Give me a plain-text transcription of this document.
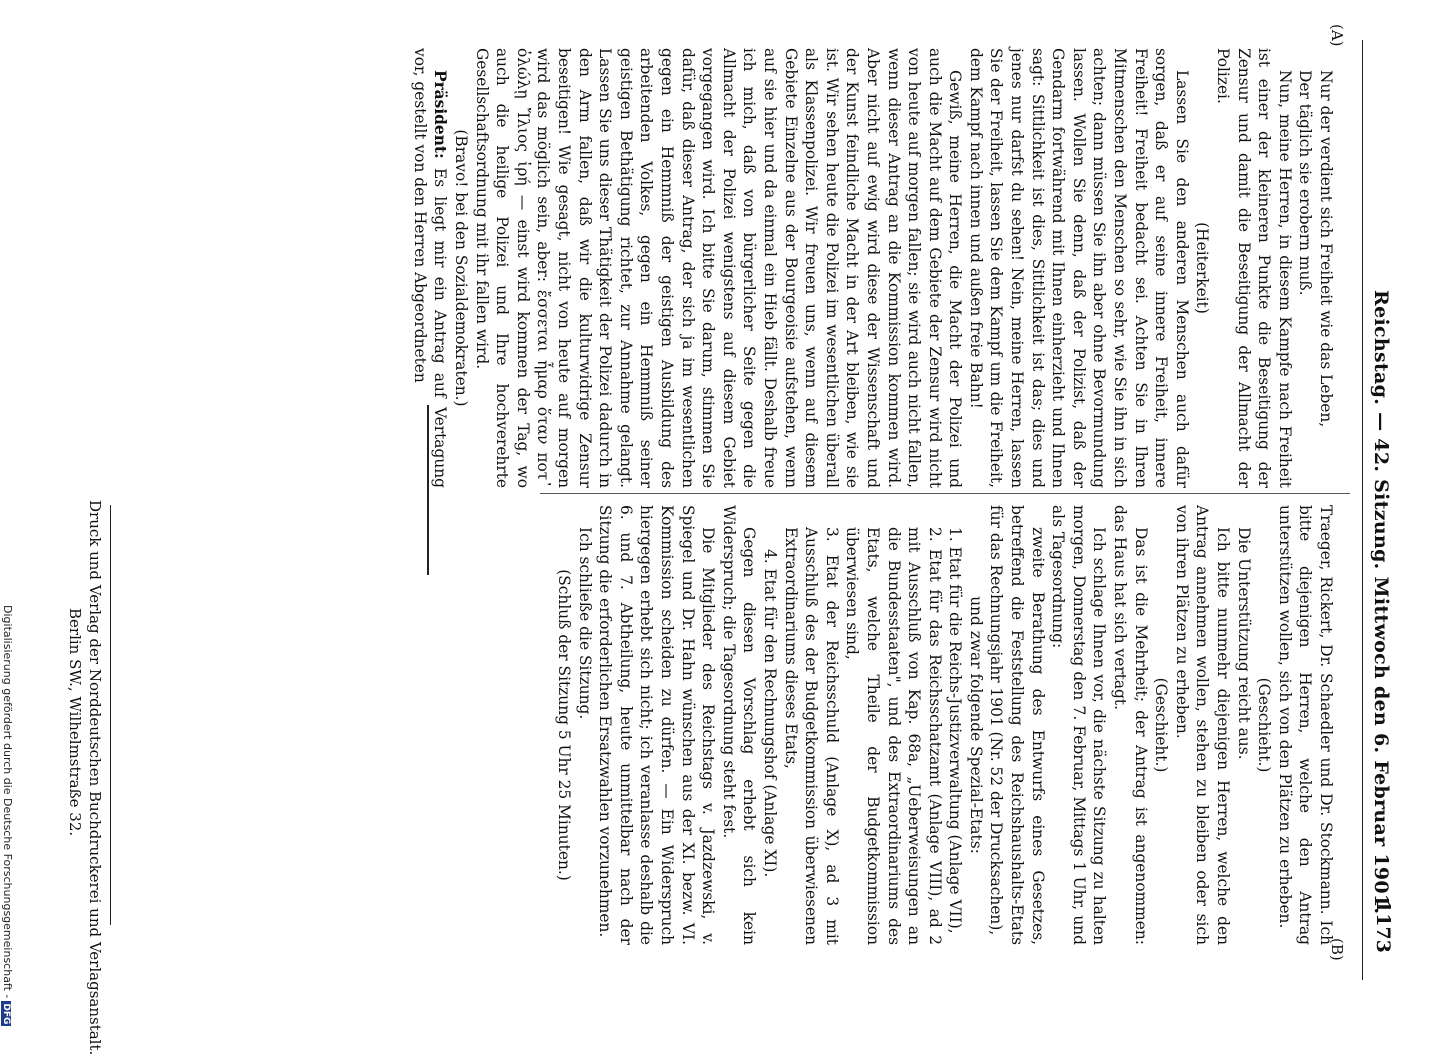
Reichstag. — 42. Sitzung. Mittwoch den 6. Februar 1901.
1173
(A)
(B)

Nur der verdient sich Freiheit wie das Leben,

Der täglich sie erobern muß.

Nun, meine Herren, in diesem Kampfe nach Freiheit ist einer der kleineren Punkte die Beseitigung der Zensur und damit die Beseitigung der Allmacht der Polizei.

(Heiterkeit)

Lassen Sie den anderen Menschen auch dafür sorgen, daß er auf seine innere Freiheit, innere Freiheit! Freiheit bedacht sei. Achten Sie in Ihren Mitmenschen den Menschen so sehr, wie Sie ihn in sich achten; dann müssen Sie ihn aber ohne Bevormundung lassen. Wollen Sie denn, daß der Polizist, daß der Gendarm fortwährend mit Ihnen einherzieht und Ihnen sagt: Sittlichkeit ist dies, Sittlichkeit ist das; dies und jenes nur darfst du sehen! Nein, meine Herren, lassen Sie der Freiheit, lassen Sie dem Kampf um die Freiheit, dem Kampf nach innen und außen freie Bahn!

Gewiß, meine Herren, die Macht der Polizei und auch die Macht auf dem Gebiete der Zensur wird nicht von heute auf morgen fallen; sie wird auch nicht fallen, wenn dieser Antrag an die Kommission kommen wird. Aber nicht auf ewig wird diese der Wissenschaft und der Kunst feindliche Macht in der Art bleiben, wie sie ist. Wir sehen heute die Polizei im wesentlichen überall als Klassenpolizei. Wir freuen uns, wenn auf diesem Gebiete Einzelne aus der Bourgeoisie aufstehen, wenn auf sie hier und da einmal ein Hieb fällt. Deshalb freue ich mich, daß von bürgerlicher Seite gegen die Allmacht der Polizei wenigstens auf diesem Gebiet vorgegangen wird. Ich bitte Sie darum, stimmen Sie dafür, daß dieser Antrag, der sich ja im wesentlichen gegen ein Hemmniß der geistigen Ausbildung des arbeitenden Volkes, gegen ein Hemmniß seiner geistigen Bethätigung richtet, zur Annahme gelangt. Lassen Sie uns dieser Thätigkeit der Polizei dadurch in den Arm fallen, daß wir die kulturwidrige Zensur beseitigen! Wie gesagt, nicht von heute auf morgen wird das möglich sein, aber: ἔσσεται ἦμαρ ὅταν ποτ᾽ ὀλώλῃ Ἴλιος ἱρή — einst wird kommen der Tag, wo auch die heilige Polizei und Ihre hochverehrte Gesellschaftsordnung mit ihr fallen wird.

(Bravo! bei den Sozialdemokraten.)

Präsident: Es liegt mir ein Antrag auf Vertagung vor, gestellt von den Herren Abgeordneten

Traeger, Rickert, Dr. Schaedler und Dr. Stockmann. Ich bitte diejenigen Herren, welche den Antrag unterstützen wollen, sich von den Plätzen zu erheben.

(Geschieht.)

Die Unterstützung reicht aus.

Ich bitte nunmehr diejenigen Herren, welche den Antrag annehmen wollen, stehen zu bleiben oder sich von ihren Plätzen zu erheben.

(Geschieht.)

Das ist die Mehrheit; der Antrag ist angenommen: das Haus hat sich vertagt.

Ich schlage Ihnen vor, die nächste Sitzung zu halten morgen, Donnerstag den 7. Februar, Mittags 1 Uhr, und als Tagesordnung:

zweite Berathung des Entwurfs eines Gesetzes, betreffend die Feststellung des Reichshaushalts-Etats für das Rechnungsjahr 1901 (Nr. 52 der Drucksachen),

und zwar folgende Spezial-Etats:

1. Etat für die Reichs-Justizverwaltung (Anlage VII),

2. Etat für das Reichsschatzamt (Anlage VIII), ad 2 mit Ausschluß von Kap. 68a, „Ueberweisungen an die Bundesstaaten", und des Extraordinariums des Etats, welche Theile der Budgetkommission überwiesen sind,

3. Etat der Reichsschuld (Anlage X), ad 3 mit Ausschluß des der Budgetkommission überwiesenen Extraordinariums dieses Etats,

4. Etat für den Rechnungshof (Anlage XI).

Gegen diesen Vorschlag erhebt sich kein Widerspruch; die Tagesordnung steht fest.

Die Mitglieder des Reichstags v. Jazdzewski, v. Spiegel und Dr. Hahn wünschen aus der XI. bezw. VI. Kommission scheiden zu dürfen. — Ein Widerspruch hiergegen erhebt sich nicht; ich veranlasse deshalb die 6. und 7. Abtheilung, heute unmittelbar nach der Sitzung die erforderlichen Ersatzwahlen vorzunehmen.

Ich schließe die Sitzung.

(Schluß der Sitzung 5 Uhr 25 Minuten.)

Druck und Verlag der Norddeutschen Buchdruckerei und Verlagsanstalt.
Berlin SW., Wilhelmstraße 32.
Digitalisierung gefördert durch die Deutsche Forschungsgemeinschaft -DFG
